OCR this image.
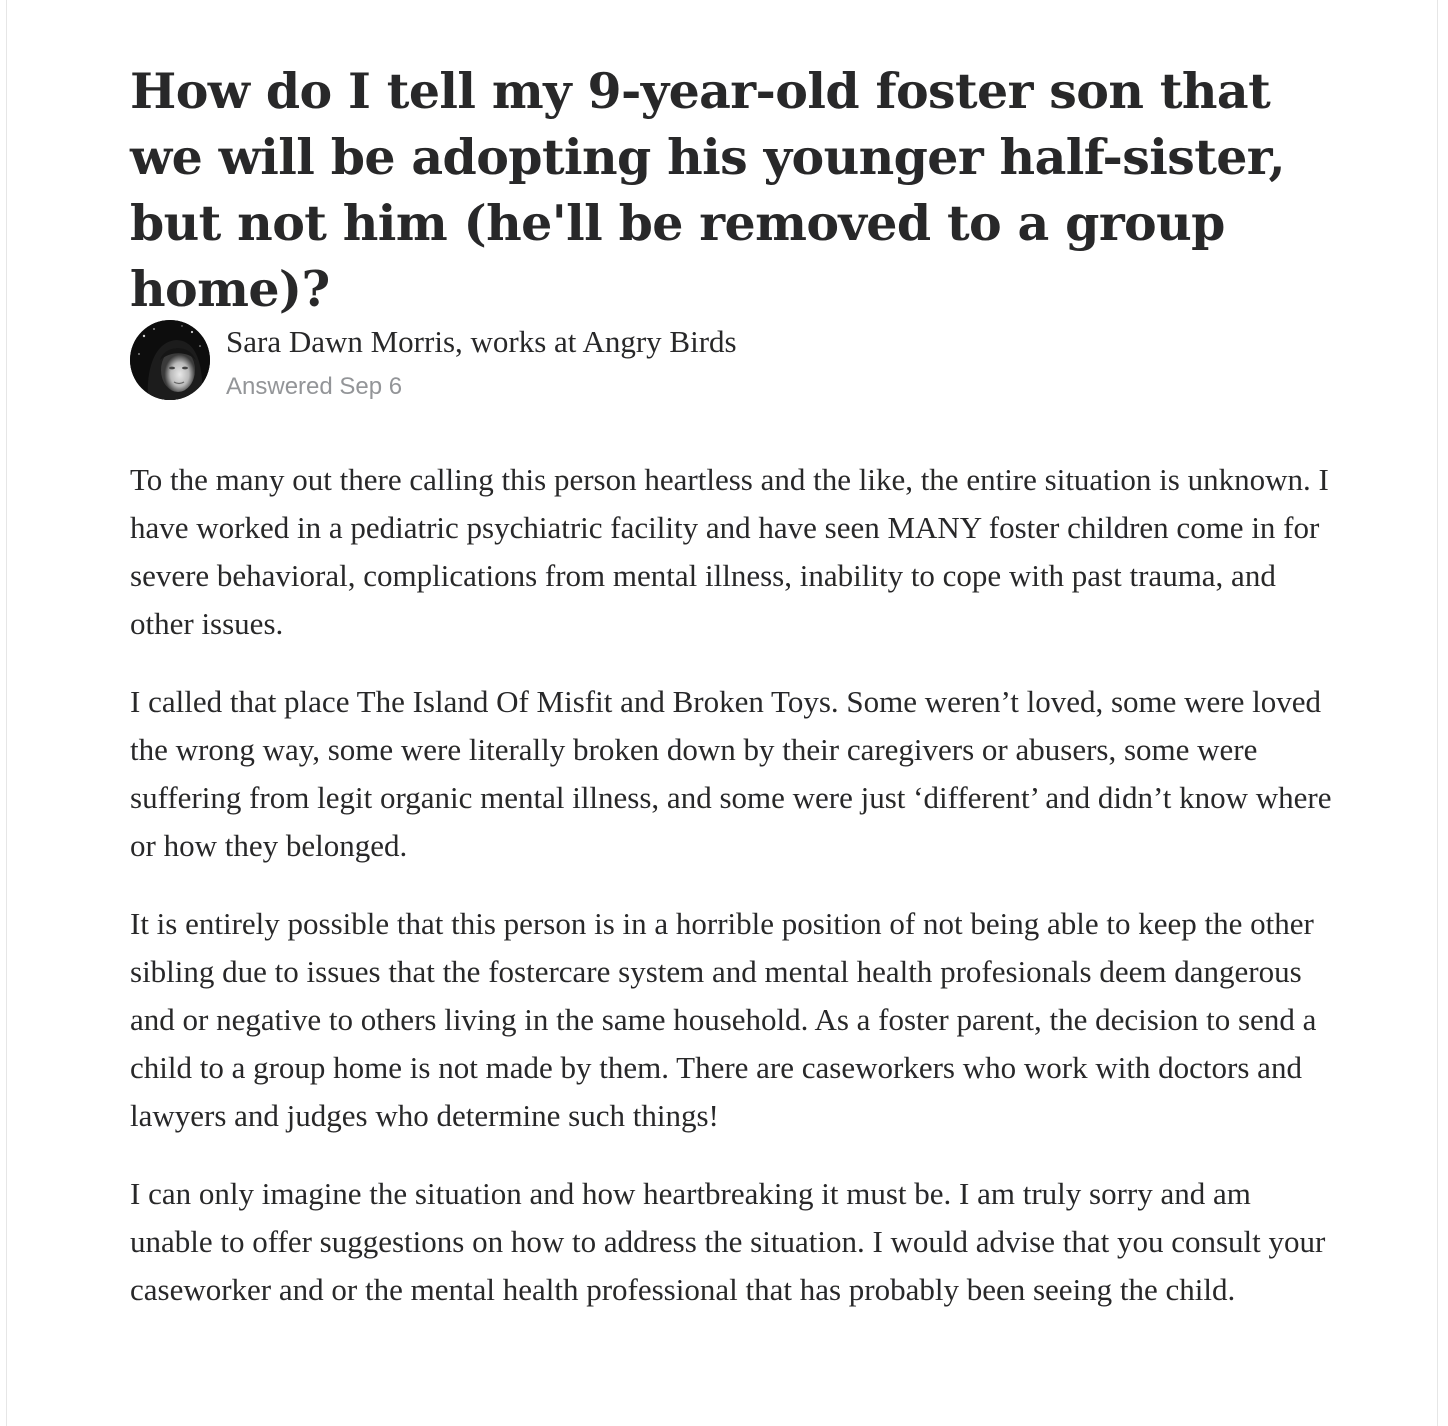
How do I tell my 9-year-old foster son that we will be adopting his younger half-sister, but not him (he'll be removed to a group home)?
Sara Dawn Morris, works at Angry Birds
Answered Sep 6

To the many out there calling this person heartless and the like, the entire situation is unknown. I have worked in a pediatric psychiatric facility and have seen MANY foster children come in for severe behavioral, complications from mental illness, inability to cope with past trauma, and other issues.

I called that place The Island Of Misfit and Broken Toys. Some weren’t loved, some were loved the wrong way, some were literally broken down by their caregivers or abusers, some were suffering from legit organic mental illness, and some were just ‘different’ and didn’t know where or how they belonged.

It is entirely possible that this person is in a horrible position of not being able to keep the other sibling due to issues that the fostercare system and mental health profesionals deem dangerous and or negative to others living in the same household. As a foster parent, the decision to send a child to a group home is not made by them. There are caseworkers who work with doctors and lawyers and judges who determine such things!

I can only imagine the situation and how heartbreaking it must be. I am truly sorry and am unable to offer suggestions on how to address the situation. I would advise that you consult your caseworker and or the mental health professional that has probably been seeing the child.
